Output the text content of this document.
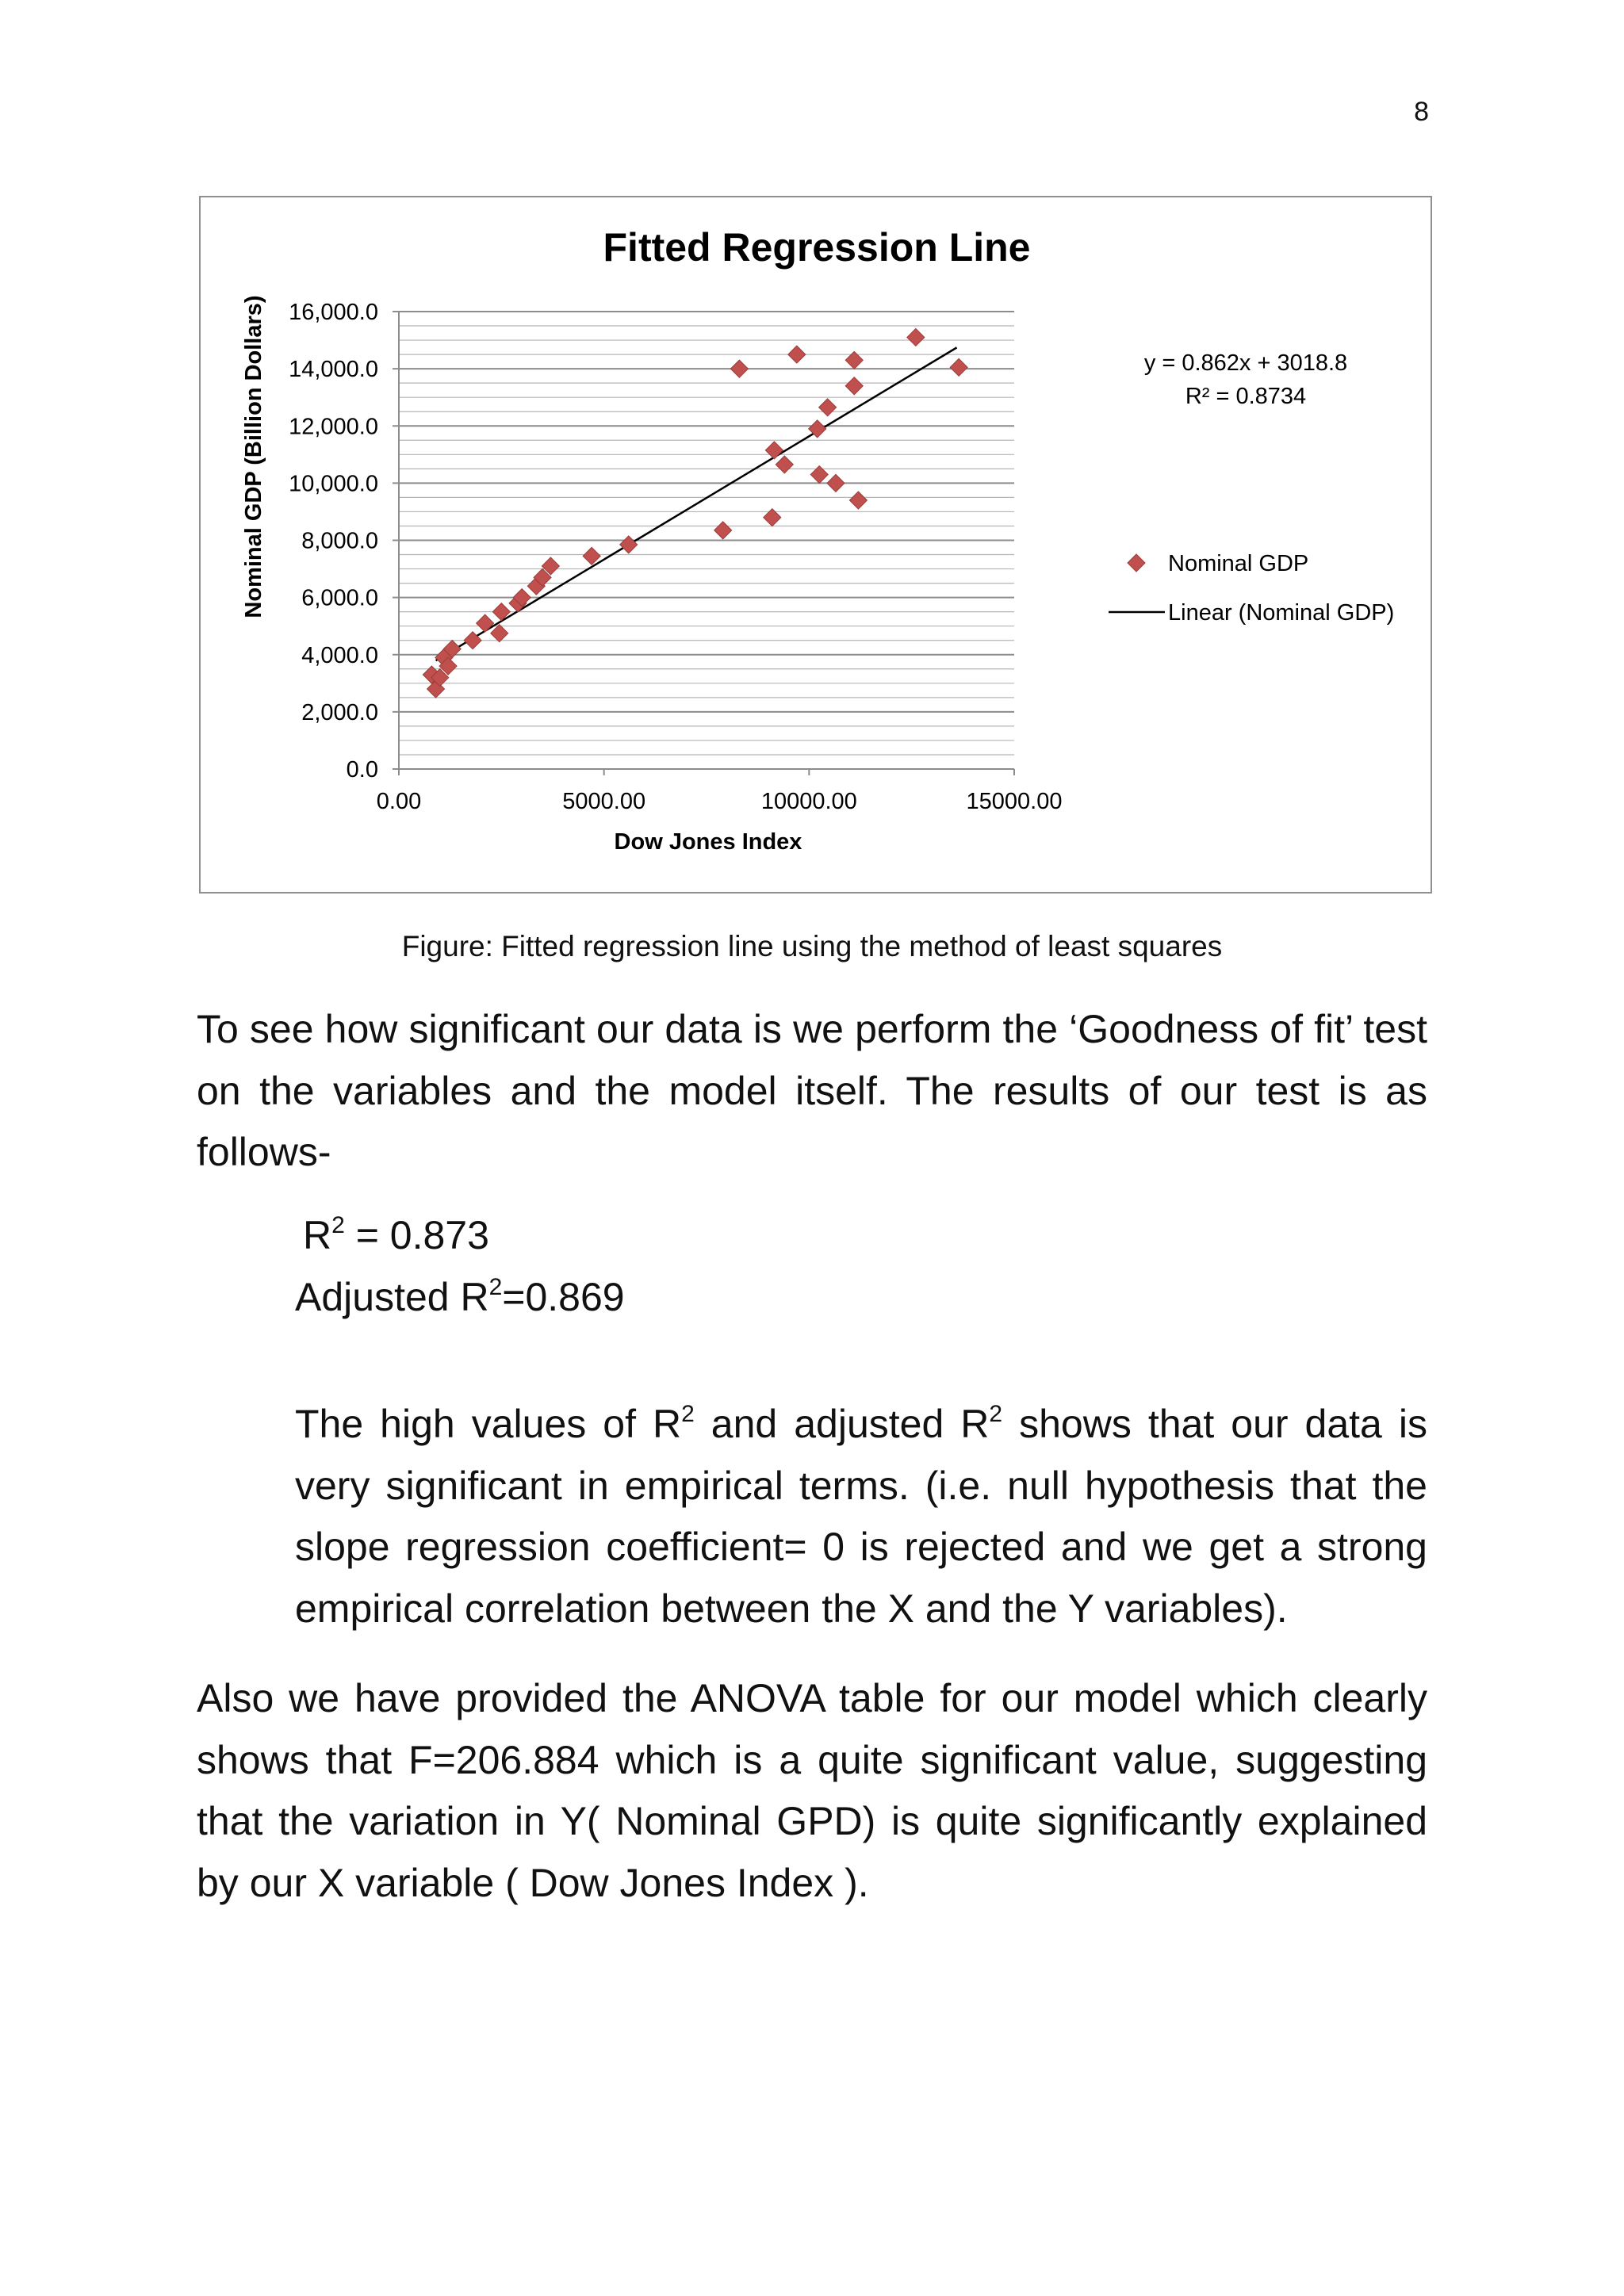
8
Fitted Regression Line
0.0
2,000.0
4,000.0
6,000.0
8,000.0
10,000.0
12,000.0
14,000.0
16,000.0
0.00	5000.00	10000.00	15000.00
Dow Jones Index
Nominal GDP (Billion Dollars)	y = 0.862x + 3018.8
R² = 0.8734
Nominal GDP
Linear (Nominal GDP)
Figure: Fitted regression line using the method of least squares

To see how significant our data is we perform the ‘Goodness of fit’ test on the variables and the model itself. The results of our test is as follows-

$R^2 = 0.873$
Adjusted $R^2=0.869$

The high values of $R^2$ and adjusted $R^2$ shows that our data is very significant in empirical terms. (i.e. null hypothesis that the slope regression coefficient= 0 is rejected and we get a strong empirical correlation between the X and the Y variables).

Also we have provided the ANOVA table for our model which clearly shows that F=206.884 which is a quite significant value, suggesting that the variation in Y( Nominal GPD) is quite significantly explained by our X variable ( Dow Jones Index ).
